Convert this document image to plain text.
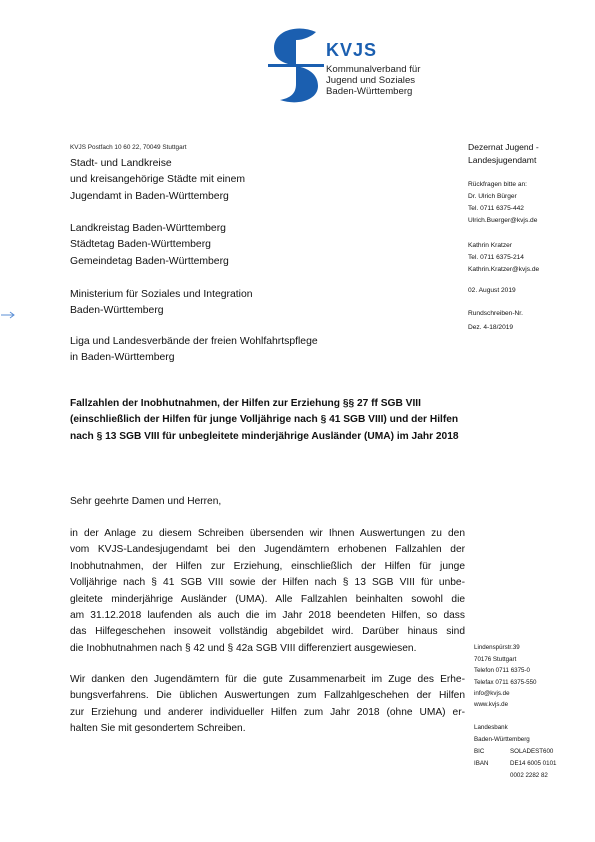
KVJS
Kommunalverband für
Jugend und Soziales
Baden-Württemberg
KVJS Postfach 10 60 22, 70049 Stuttgart
Stadt- und Landkreise
und kreisangehörige Städte mit einem
Jugendamt in Baden-Württemberg
Landkreistag Baden-Württemberg
Städtetag Baden-Württemberg
Gemeindetag Baden-Württemberg
Ministerium für Soziales und Integration
Baden-Württemberg
Liga und Landesverbände der freien Wohlfahrtspflege
in Baden-Württemberg
Dezernat Jugend -
Landesjugendamt
Rückfragen bitte an:
Dr. Ulrich Bürger
Tel. 0711 6375-442
Ulrich.Buerger@kvjs.de
Kathrin Kratzer
Tel. 0711 6375-214
Kathrin.Kratzer@kvjs.de
02. August 2019
Rundschreiben-Nr.
Dez. 4-18/2019
Fallzahlen der Inobhutnahmen, der Hilfen zur Erziehung §§ 27 ff SGB VIII (einschließlich der Hilfen für junge Volljährige nach § 41 SGB VIII) und der Hilfen nach § 13 SGB VIII für unbegleitete minderjährige Ausländer (UMA) im Jahr 2018
Sehr geehrte Damen und Herren,
in der Anlage zu diesem Schreiben übersenden wir Ihnen Auswertungen zu den
vom KVJS-Landesjugendamt bei den Jugendämtern erhobenen Fallzahlen der
Inobhutnahmen, der Hilfen zur Erziehung, einschließlich der Hilfen für junge
Volljährige nach § 41 SGB VIII sowie der Hilfen nach § 13 SGB VIII für unbe-
gleitete minderjährige Ausländer (UMA). Alle Fallzahlen beinhalten sowohl die
am 31.12.2018 laufenden als auch die im Jahr 2018 beendeten Hilfen, so dass
das Hilfegeschehen insoweit vollständig abgebildet wird. Darüber hinaus sind
die Inobhutnahmen nach § 42 und § 42a SGB VIII differenziert ausgewiesen.
Wir danken den Jugendämtern für die gute Zusammenarbeit im Zuge des Erhe-
bungsverfahrens. Die üblichen Auswertungen zum Fallzahlgeschehen der Hilfen
zur Erziehung und anderer individueller Hilfen zum Jahr 2018 (ohne UMA) er-
halten Sie mit gesondertem Schreiben.
Lindenspürstr.39
70176 Stuttgart
Telefon 0711 6375-0
Telefax 0711 6375-550
info@kvjs.de
www.kvjs.de
Landesbank
Baden-Württemberg
BIC	SOLADEST600
IBAN	DE14 6005 0101
0002 2282 82
